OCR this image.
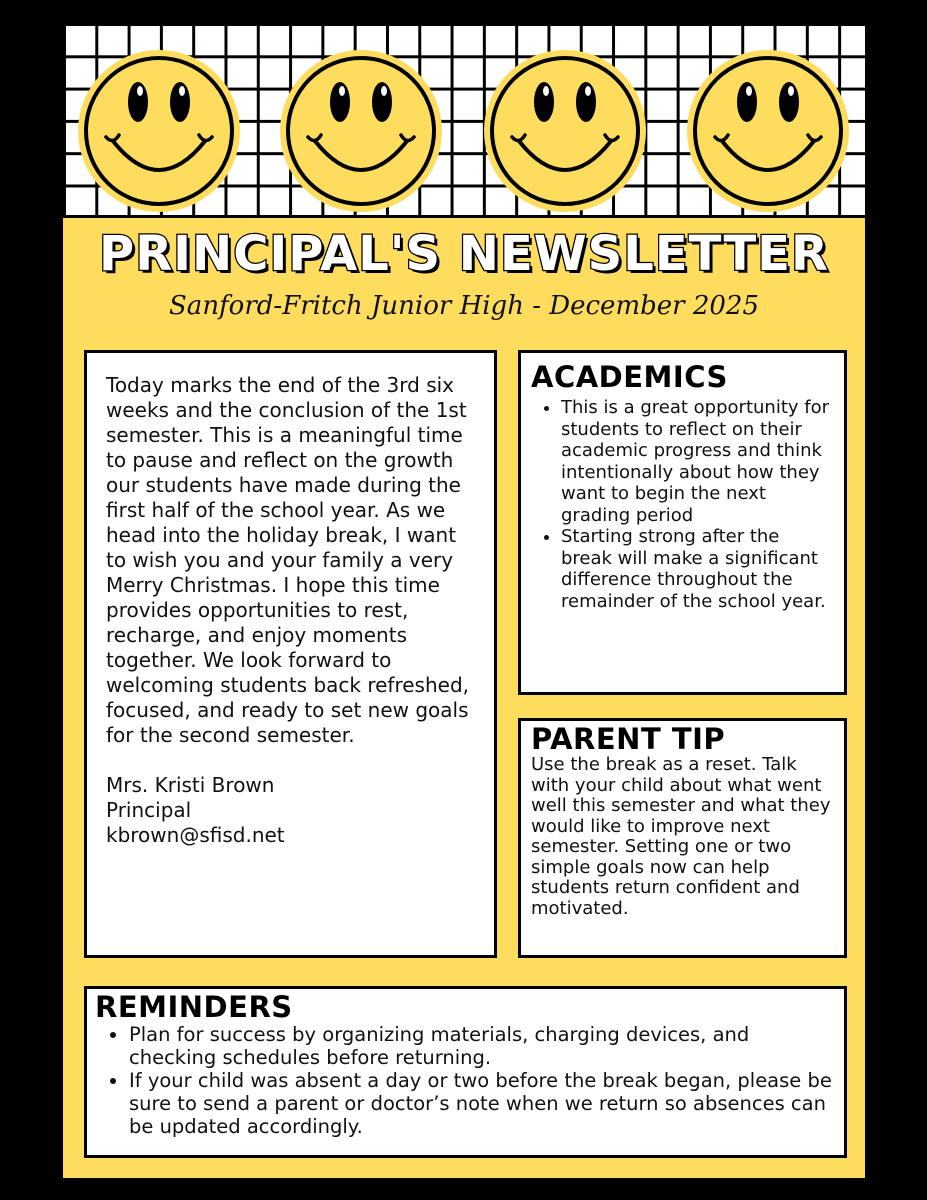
PRINCIPAL'S NEWSLETTER
Sanford-Fritch Junior High - December 2025
Today marks the end of the 3rd six weeks and the conclusion of the 1st semester. This is a meaningful time to pause and reflect on the growth our students have made during the first half of the school year. As we head into the holiday break, I want to wish you and your family a very Merry Christmas. I hope this time provides opportunities to rest, recharge, and enjoy moments together. We look forward to welcoming students back refreshed, focused, and ready to set new goals for the second semester.
Mrs. Kristi Brown
Principal
kbrown@sfisd.net
ACADEMICS
• This is a great opportunity for students to reflect on their academic progress and think intentionally about how they want to begin the next grading period
• Starting strong after the break will make a significant difference throughout the remainder of the school year.
PARENT TIP
Use the break as a reset. Talk with your child about what went well this semester and what they would like to improve next semester. Setting one or two simple goals now can help students return confident and motivated.
REMINDERS
• Plan for success by organizing materials, charging devices, and checking schedules before returning.
• If your child was absent a day or two before the break began, please be sure to send a parent or doctor’s note when we return so absences can be updated accordingly.
